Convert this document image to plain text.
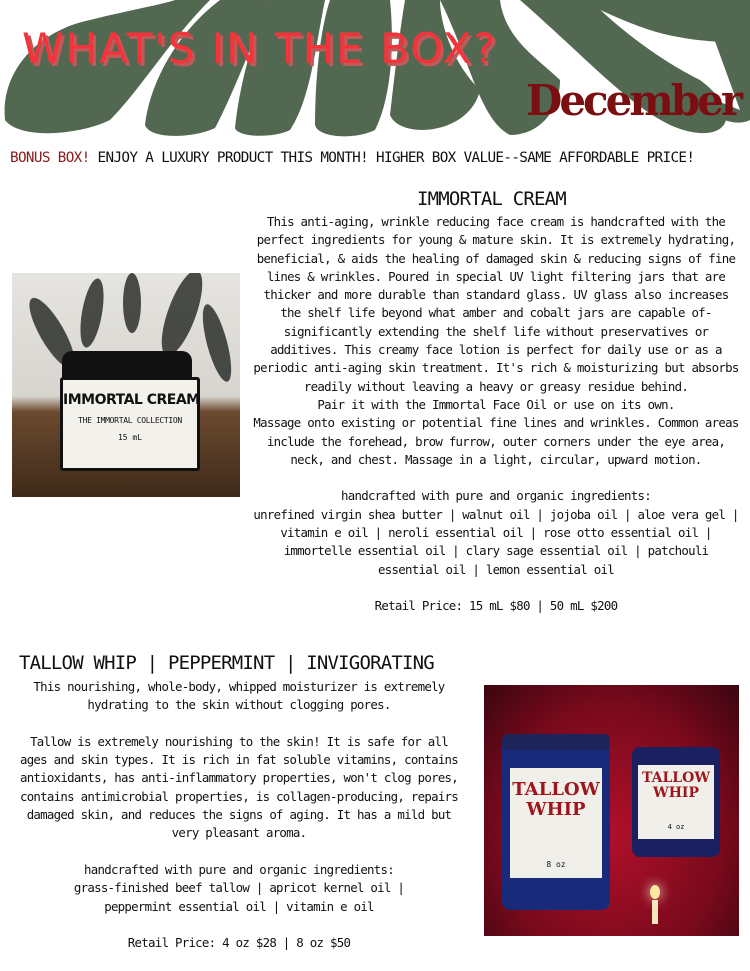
WHAT'S IN THE BOX?
December
BONUS BOX! ENJOY A LUXURY PRODUCT THIS MONTH! HIGHER BOX VALUE--SAME AFFORDABLE PRICE!
IMMORTAL CREAM
This anti-aging, wrinkle reducing face cream is handcrafted with the
perfect ingredients for young & mature skin. It is extremely hydrating,
beneficial, & aids the healing of damaged skin & reducing signs of fine
lines & wrinkles. Poured in special UV light filtering jars that are
thicker and more durable than standard glass. UV glass also increases
the shelf life beyond what amber and cobalt jars are capable of-
significantly extending the shelf life without preservatives or
additives. This creamy face lotion is perfect for daily use or as a
periodic anti-aging skin treatment. It's rich & moisturizing but absorbs
readily without leaving a heavy or greasy residue behind.
Pair it with the Immortal Face Oil or use on its own.
Massage onto existing or potential fine lines and wrinkles. Common areas
include the forehead, brow furrow, outer corners under the eye area,
neck, and chest. Massage in a light, circular, upward motion.
handcrafted with pure and organic ingredients:
unrefined virgin shea butter | walnut oil | jojoba oil | aloe vera gel |
vitamin e oil | neroli essential oil | rose otto essential oil |
immortelle essential oil | clary sage essential oil | patchouli
essential oil | lemon essential oil
Retail Price: 15 mL $80 | 50 mL $200
IMMORTAL CREAM
THE IMMORTAL COLLECTION
15 mL
TALLOW WHIP | PEPPERMINT | INVIGORATING
This nourishing, whole-body, whipped moisturizer is extremely
hydrating to the skin without clogging pores.
Tallow is extremely nourishing to the skin! It is safe for all
ages and skin types. It is rich in fat soluble vitamins, contains
antioxidants, has anti-inflammatory properties, won't clog pores,
contains antimicrobial properties, is collagen-producing, repairs
damaged skin, and reduces the signs of aging. It has a mild but
very pleasant aroma.
handcrafted with pure and organic ingredients:
grass-finished beef tallow | apricot kernel oil |
peppermint essential oil | vitamin e oil
Retail Price: 4 oz $28 | 8 oz $50
TALLOW WHIP
8 oz
TALLOW WHIP
4 oz
